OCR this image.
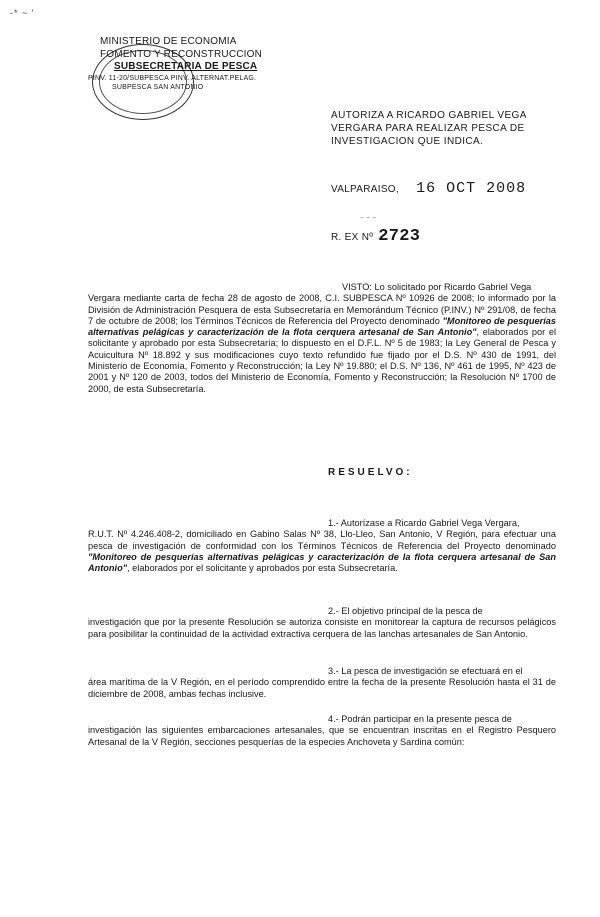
-* ~ '
MINISTERIO DE ECONOMIA
FOMENTO Y RECONSTRUCCION
SUBSECRETARIA DE PESCA
PINV. 11-20/SUBPESCA PINV. ALTERNAT.PELAG.
SUBPESCA SAN ANTONIO
AUTORIZA A RICARDO GABRIEL VEGA VERGARA PARA REALIZAR PESCA DE INVESTIGACION QUE INDICA.
VALPARAISO, 16 OCT 2008
~~~
R. EX Nº 2723
VISTO: Lo solicitado por Ricardo Gabriel Vega
Vergara mediante carta de fecha 28 de agosto de 2008, C.I. SUBPESCA Nº 10926 de 2008; lo informado por la División de Administración Pesquera de esta Subsecretaría en Memorándum Técnico (P.INV.) Nº 291/08, de fecha 7 de octubre de 2008; los Términos Técnicos de Referencia del Proyecto denominado "Monitoreo de pesquerías alternativas pelágicas y caracterización de la flota cerquera artesanal de San Antonio", elaborados por el solicitante y aprobado por esta Subsecretaría; lo dispuesto en el D.F.L. Nº 5 de 1983; la Ley General de Pesca y Acuicultura Nº 18.892 y sus modificaciones cuyo texto refundido fue fijado por el D.S. Nº 430 de 1991, del Ministerio de Economía, Fomento y Reconstrucción; la Ley Nº 19.880; el D.S. Nº 136, Nº 461 de 1995, Nº 423 de 2001 y Nº 120 de 2003, todos del Ministerio de Economía, Fomento y Reconstrucción; la Resolución Nº 1700 de 2000, de esta Subsecretaría.
RESUELVO:
1.- Autorízase a Ricardo Gabriel Vega Vergara,
R.U.T. Nº 4.246.408-2, domiciliado en Gabino Salas Nº 38, Llo-Lleo, San Antonio, V Región, para efectuar una pesca de investigación de conformidad con los Términos Técnicos de Referencia del Proyecto denominado "Monitoreo de pesquerías alternativas pelágicas y caracterización de la flota cerquera artesanal de San Antonio", elaborados por el solicitante y aprobados por esta Subsecretaría.
2.- El objetivo principal de la pesca de
investigación que por la presente Resolución se autoriza consiste en monitorear la captura de recursos pelágicos para posibilitar la continuidad de la actividad extractiva cerquera de las lanchas artesanales de San Antonio.
3.- La pesca de investigación se efectuará en el
área marítima de la V Región, en el período comprendido entre la fecha de la presente Resolución hasta el 31 de diciembre de 2008, ambas fechas inclusive.
4.- Podrán participar en la presente pesca de
investigación las siguientes embarcaciones artesanales, que se encuentran inscritas en el Registro Pesquero Artesanal de la V Región, secciones pesquerías de la especies Anchoveta y Sardina común:
